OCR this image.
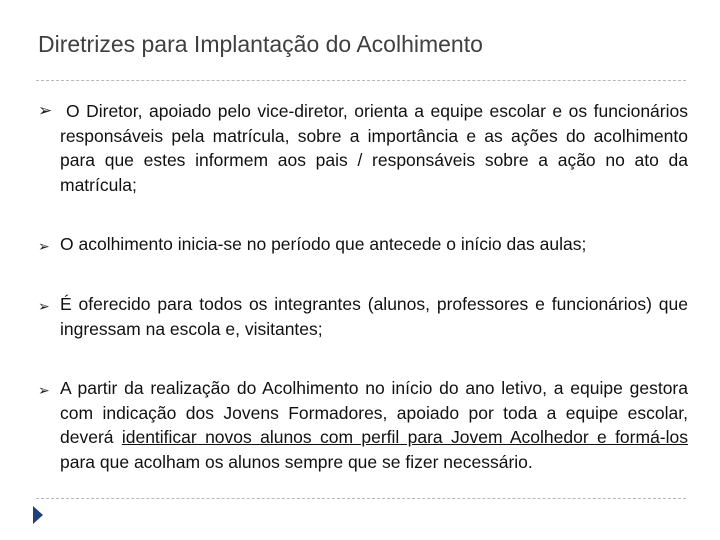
Diretrizes para Implantação do Acolhimento
➢ O Diretor, apoiado pelo vice-diretor, orienta a equipe escolar e os funcionários responsáveis pela matrícula, sobre a importância e as ações do acolhimento para que estes informem aos pais / responsáveis sobre a ação no ato da matrícula;
➢ O acolhimento inicia-se no período que antecede o início das aulas;
➢ É oferecido para todos os integrantes (alunos, professores e funcionários) que ingressam na escola e, visitantes;
➢ A partir da realização do Acolhimento no início do ano letivo, a equipe gestora com indicação dos Jovens Formadores, apoiado por toda a equipe escolar, deverá identificar novos alunos com perfil para Jovem Acolhedor e formá-los para que acolham os alunos sempre que se fizer necessário.
